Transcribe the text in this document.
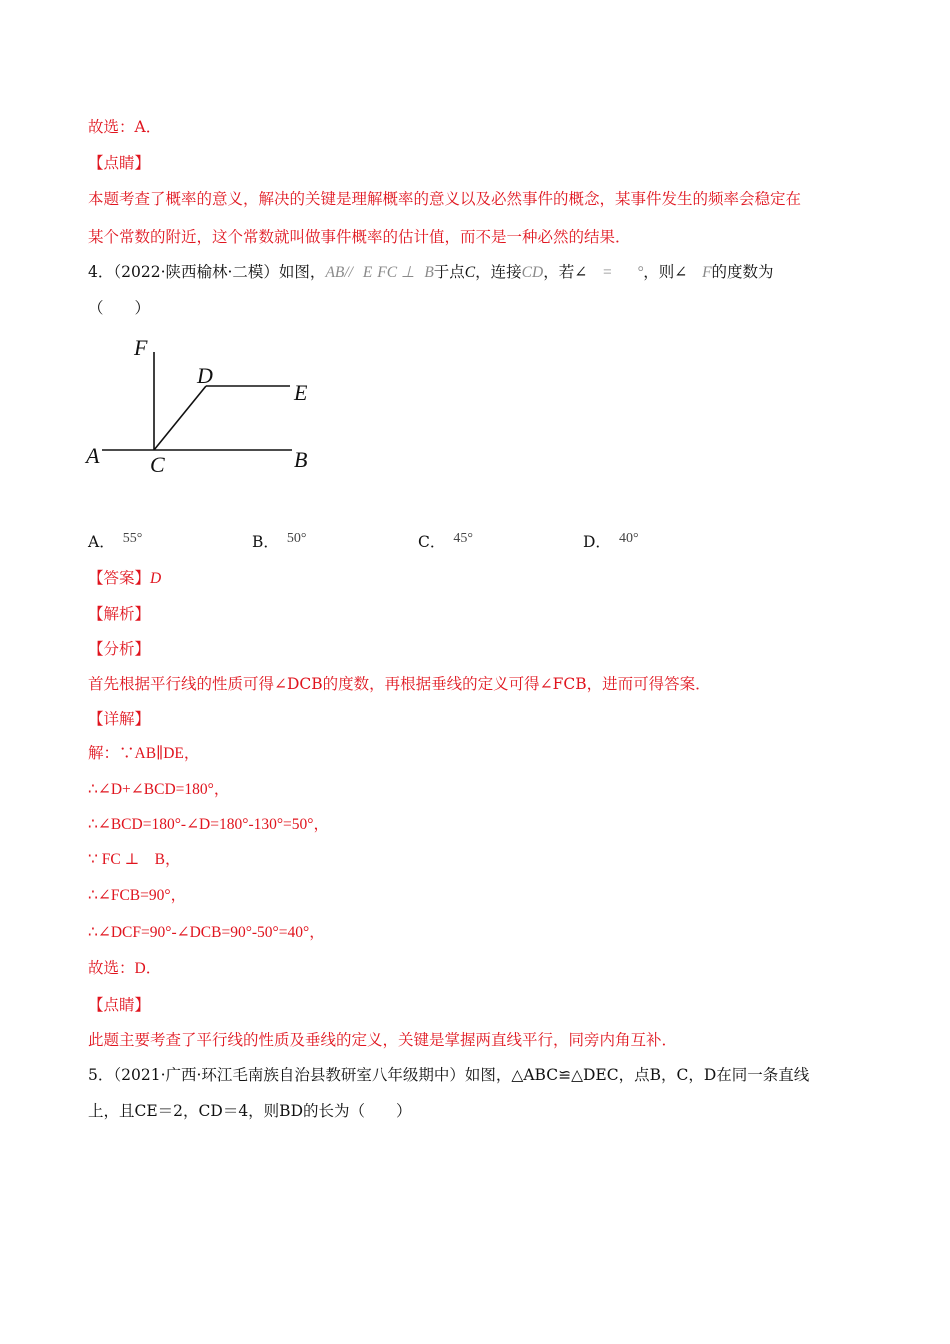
故选：A．
【点睛】
本题考查了概率的意义，解决的关键是理解概率的意义以及必然事件的概念，某事件发生的频率会稳定在
某个常数的附近，这个常数就叫做事件概率的估计值，而不是一种必然的结果．
4．（2022·陕西榆林·二模）如图，AB// E FC ⊥ B于点C，连接CD，若∠ = °，则∠ F的度数为
（　　）
F
D
E
A C	B
A． 55°	B． 50°	C． 45°	D． 40°
【答案】D
【解析】
【分析】
首先根据平行线的性质可得∠DCB的度数，再根据垂线的定义可得∠FCB，进而可得答案．
【详解】
解：∵AB∥DE，
∴∠D+∠BCD=180°，
∴∠BCD=180°-∠D=180°-130°=50°，
∵ FC ⊥　B，
∴∠FCB=90°，
∴∠DCF=90°-∠DCB=90°-50°=40°，
故选：D．
【点睛】
此题主要考查了平行线的性质及垂线的定义，关键是掌握两直线平行，同旁内角互补．
5．（2021·广西·环江毛南族自治县教研室八年级期中）如图，△ABC≌△DEC，点B，C，D在同一条直线
上，且CE＝2，CD＝4，则BD的长为（　　）
